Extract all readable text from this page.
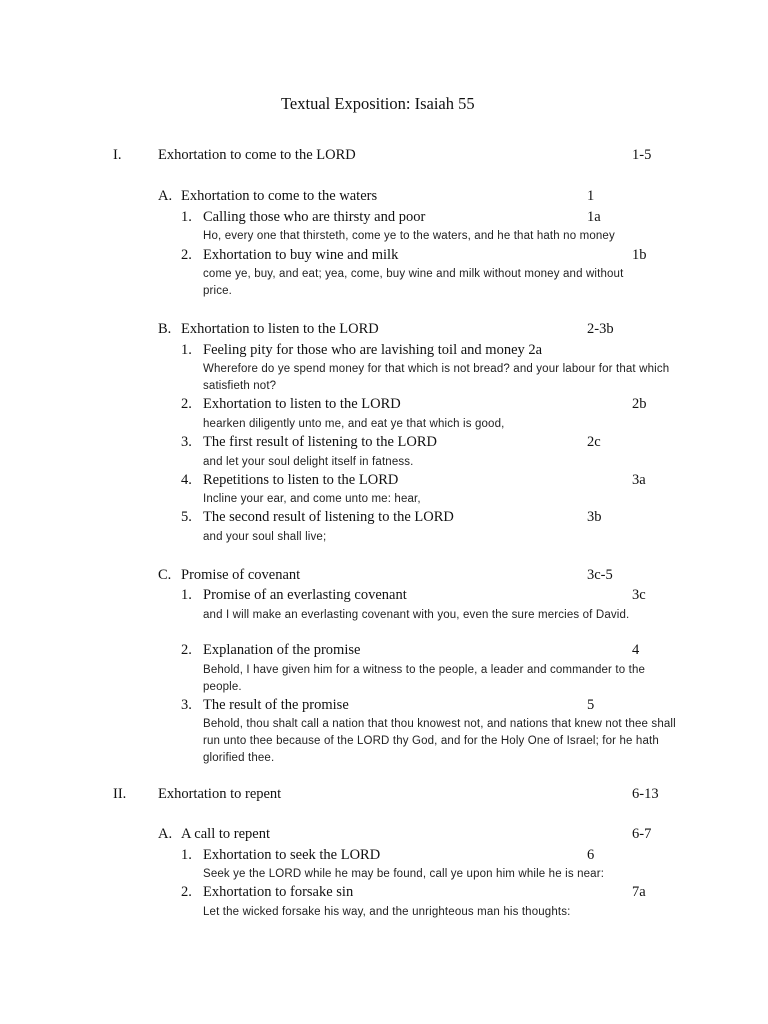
Textual Exposition: Isaiah 55
I.	Exhortation to come to the LORD	1-5
A. Exhortation to come to the waters	1
1. Calling those who are thirsty and poor	1a
Ho, every one that thirsteth, come ye to the waters, and he that hath no money
2. Exhortation to buy wine and milk	1b
come ye, buy, and eat; yea, come, buy wine and milk without money and without price.
B. Exhortation to listen to the LORD	2-3b
1. Feeling pity for those who are lavishing toil and money 2a
Wherefore do ye spend money for that which is not bread? and your labour for that which satisfieth not?
2. Exhortation to listen to the LORD	2b
hearken diligently unto me, and eat ye that which is good,
3. The first result of listening to the LORD	2c
and let your soul delight itself in fatness.
4. Repetitions to listen to the LORD	3a
Incline your ear, and come unto me: hear,
5. The second result of listening to the LORD	3b
and your soul shall live;
C. Promise of covenant	3c-5
1. Promise of an everlasting covenant	3c
and I will make an everlasting covenant with you, even the sure mercies of David.
2. Explanation of the promise	4
Behold, I have given him for a witness to the people, a leader and commander to the people.
3. The result of the promise	5
Behold, thou shalt call a nation that thou knowest not, and nations that knew not thee shall run unto thee because of the LORD thy God, and for the Holy One of Israel; for he hath glorified thee.
II. Exhortation to repent	6-13
A. A call to repent	6-7
1. Exhortation to seek the LORD	6
Seek ye the LORD while he may be found, call ye upon him while he is near:
2. Exhortation to forsake sin	7a
Let the wicked forsake his way, and the unrighteous man his thoughts:
